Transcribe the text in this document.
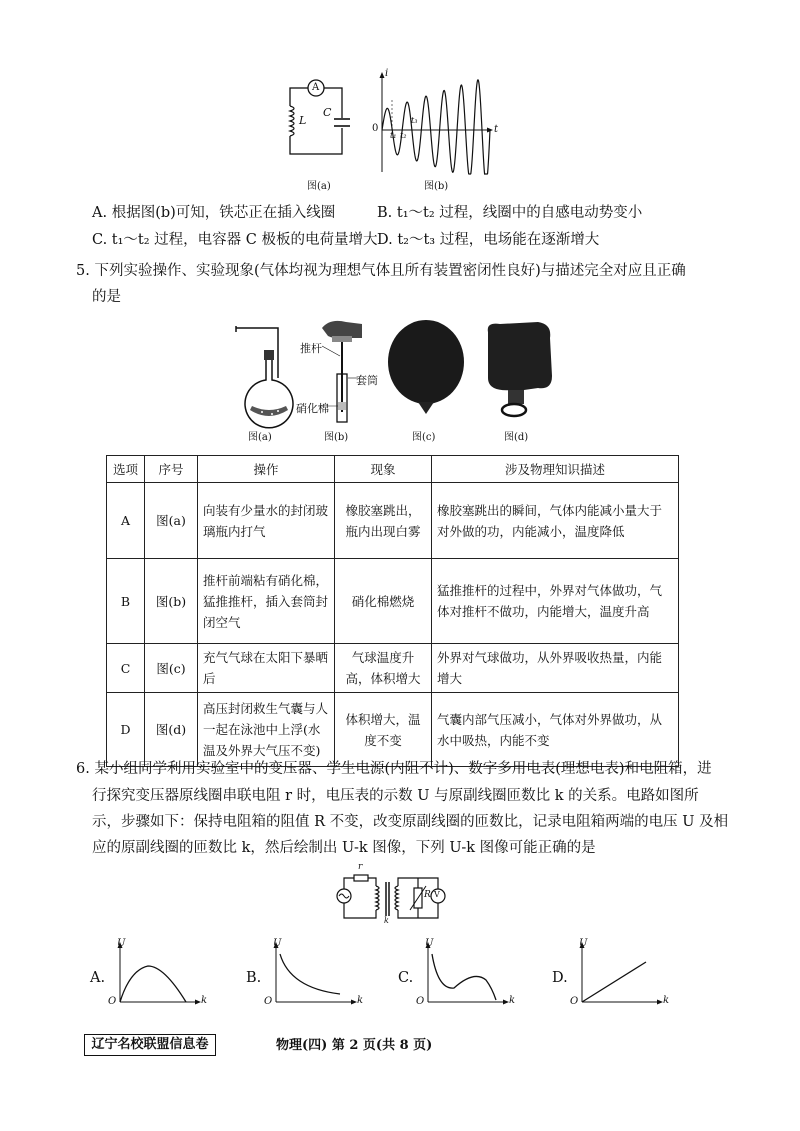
A
L
C
图(a)
i
t
0
t₁ t₂
t₃
图(b)
A. 根据图(b)可知，铁芯正在插入线圈	B. t₁～t₂ 过程，线圈中的自感电动势变小
C. t₁～t₂ 过程，电容器 C 极板的电荷量增大 D. t₂～t₃ 过程，电场能在逐渐增大
5. 下列实验操作、实验现象(气体均视为理想气体且所有装置密闭性良好)与描述完全对应且正确
的是
图(a)
推杆
套筒
硝化棉
图(b)	图(c)	图(d)
选项	序号	操作	现象	涉及物理知识描述
A	图(a)	向装有少量水的封闭玻璃瓶内打气	橡胶塞跳出，瓶内出现白雾	橡胶塞跳出的瞬间，气体内能减小量大于对外做的功，内能减小，温度降低
B	图(b)	推杆前端粘有硝化棉，猛推推杆，插入套筒封闭空气	硝化棉燃烧	猛推推杆的过程中，外界对气体做功，气体对推杆不做功，内能增大，温度升高
C	图(c)	充气气球在太阳下暴晒后	气球温度升高，体积增大	外界对气球做功，从外界吸收热量，内能增大
D	图(d)	高压封闭救生气囊与人一起在泳池中上浮(水温及外界大气压不变)	体积增大，温度不变	气囊内部气压减小，气体对外界做功，从水中吸热，内能不变
6. 某小组同学利用实验室中的变压器、学生电源(内阻不计)、数字多用电表(理想电表)和电阻箱，进
行探究变压器原线圈串联电阻 r 时，电压表的示数 U 与原副线圈匝数比 k 的关系。电路如图所
示，步骤如下：保持电阻箱的阻值 R 不变，改变原副线圈的匝数比，记录电阻箱两端的电压 U 及相
应的原副线圈的匝数比 k，然后绘制出 U-k 图像，下列 U-k 图像可能正确的是
r
R V
k
A.
U
k
O
B.
U
k
O
C.
U
k
O
D.
U
k
O
辽宁名校联盟信息卷	物理(四) 第 2 页(共 8 页)
